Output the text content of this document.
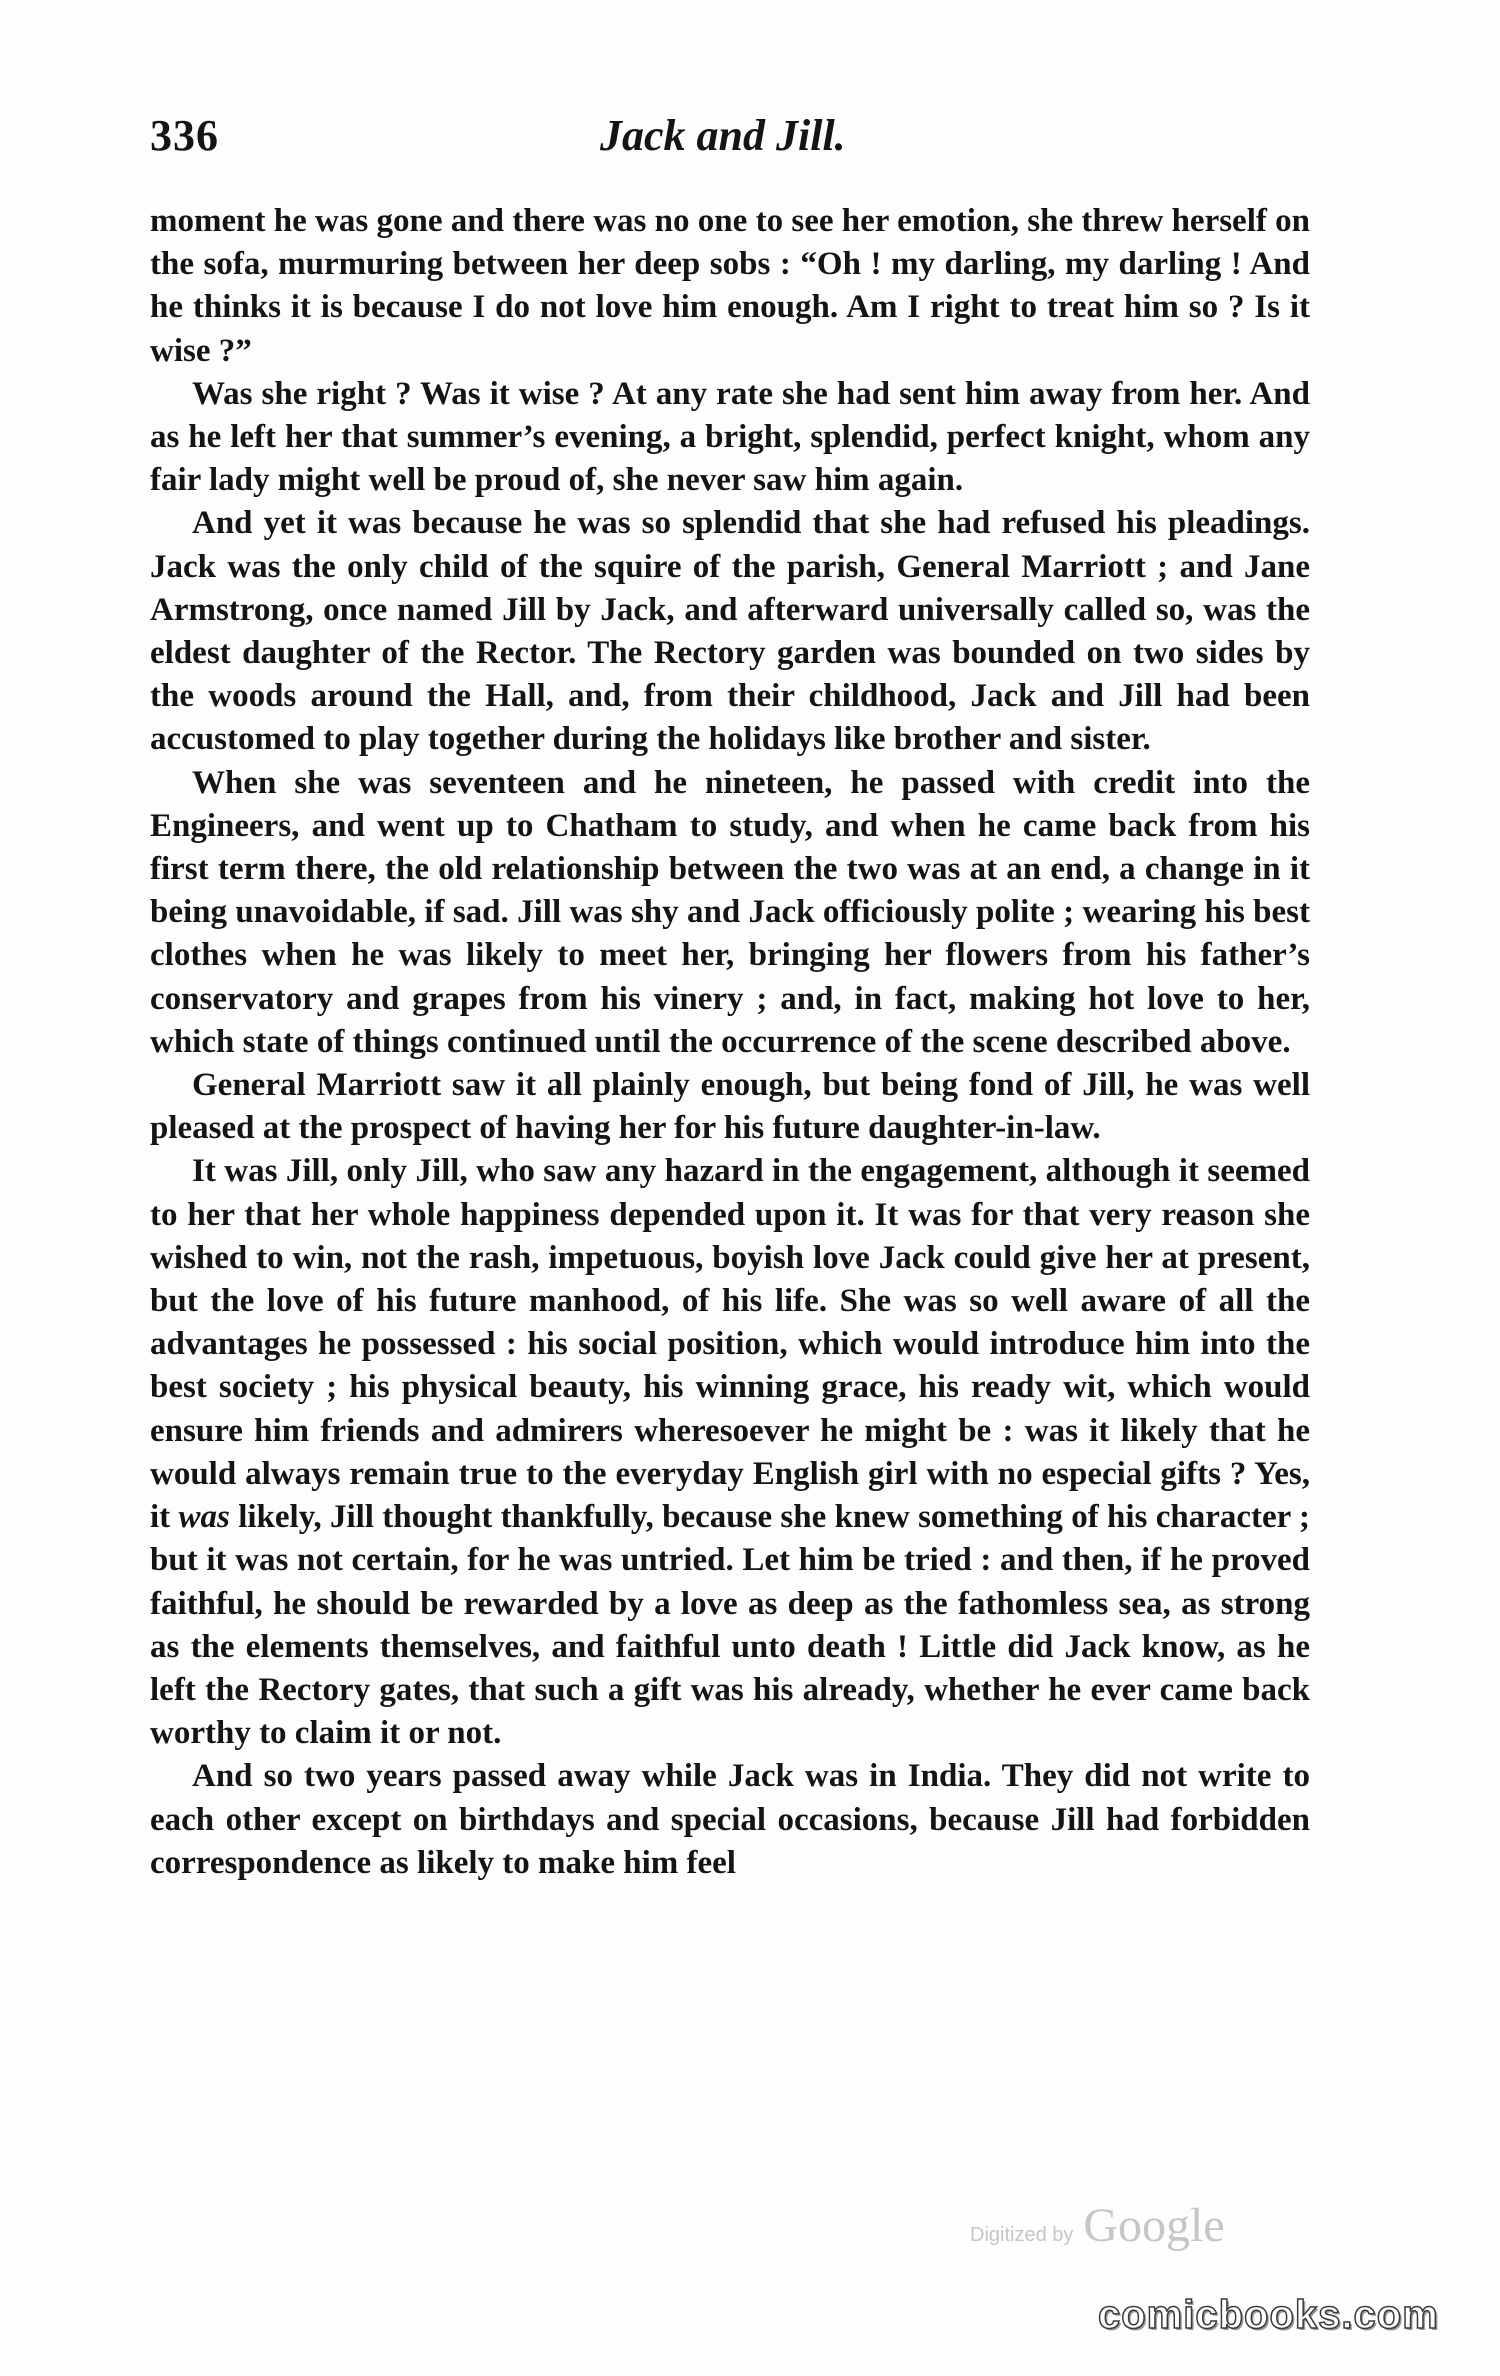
336	Jack and Jill.

moment he was gone and there was no one to see her emotion, she threw herself on the sofa, murmuring between her deep sobs : “Oh ! my darling, my darling ! And he thinks it is because I do not love him enough. Am I right to treat him so ? Is it wise ?”

Was she right ? Was it wise ? At any rate she had sent him away from her. And as he left her that summer’s evening, a bright, splendid, perfect knight, whom any fair lady might well be proud of, she never saw him again.

And yet it was because he was so splendid that she had refused his pleadings. Jack was the only child of the squire of the parish, General Marriott ; and Jane Armstrong, once named Jill by Jack, and afterward universally called so, was the eldest daughter of the Rector. The Rectory garden was bounded on two sides by the woods around the Hall, and, from their childhood, Jack and Jill had been accustomed to play together during the holidays like brother and sister.

When she was seventeen and he nineteen, he passed with credit into the Engineers, and went up to Chatham to study, and when he came back from his first term there, the old relationship between the two was at an end, a change in it being unavoidable, if sad. Jill was shy and Jack officiously polite ; wearing his best clothes when he was likely to meet her, bringing her flowers from his father’s conservatory and grapes from his vinery ; and, in fact, making hot love to her, which state of things continued until the occurrence of the scene described above.

General Marriott saw it all plainly enough, but being fond of Jill, he was well pleased at the prospect of having her for his future daughter-in-law.

It was Jill, only Jill, who saw any hazard in the engagement, although it seemed to her that her whole happiness depended upon it. It was for that very reason she wished to win, not the rash, impetuous, boyish love Jack could give her at present, but the love of his future manhood, of his life. She was so well aware of all the advantages he possessed : his social position, which would introduce him into the best society ; his physical beauty, his winning grace, his ready wit, which would ensure him friends and admirers wheresoever he might be : was it likely that he would always remain true to the everyday English girl with no especial gifts ? Yes, it was likely, Jill thought thankfully, because she knew something of his character ; but it was not certain, for he was untried. Let him be tried : and then, if he proved faithful, he should be rewarded by a love as deep as the fathomless sea, as strong as the elements themselves, and faithful unto death ! Little did Jack know, as he left the Rectory gates, that such a gift was his already, whether he ever came back worthy to claim it or not.

And so two years passed away while Jack was in India. They did not write to each other except on birthdays and special occasions, because Jill had forbidden correspondence as likely to make him feel

Digitized by Google
comicbooks.com
